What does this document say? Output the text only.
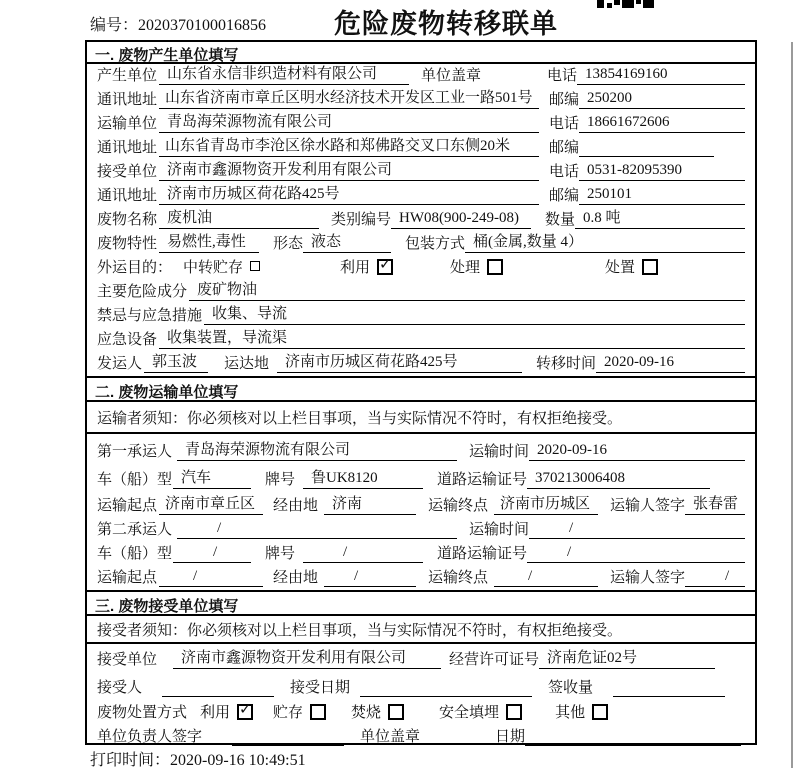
编号：2020370100016856	危险废物转移联单
一. 废物产生单位填写
产生单位 山东省永信非织造材料有限公司	单位盖章	电话 13854169160
通讯地址 山东省济南市章丘区明水经济技术开发区工业一路501号	邮编 250200
运输单位 青岛海荣源物流有限公司	电话 18661672606
通讯地址 山东省青岛市李沧区徐水路和郑佛路交叉口东侧20米	邮编
接受单位 济南市鑫源物资开发利用有限公司	电话 0531-82095390
通讯地址 济南市历城区荷花路425号	邮编 250101
废物名称 废机油	类别编号 HW08(900-249-08)	数量 0.8 吨
废物特性 易燃性,毒性	形态 液态	包装方式 桶(金属,数量 4）
外运目的： 中转贮存	利用 ✓	处理	处置
主要危险成分 废矿物油
禁忌与应急措施 收集、导流
应急设备 收集装置，导流渠
发运人 郭玉波	运达地	济南市历城区荷花路425号	转移时间 2020-09-16
二. 废物运输单位填写
运输者须知：你必须核对以上栏目事项，当与实际情况不符时，有权拒绝接受。
第一承运人 青岛海荣源物流有限公司	运输时间 2020-09-16
车（船）型 汽车	牌号	鲁UK8120	道路运输证号 370213006408
运输起点 济南市章丘区	经由地 济南	运输终点 济南市历城区	运输人签字 张春雷
第二承运人	/	运输时间	/
车（船）型	/	牌号	/	道路运输证号	/
运输起点	/	经由地	/	运输终点	/	运输人签字	/
三. 废物接受单位填写
接受者须知：你必须核对以上栏目事项，当与实际情况不符时，有权拒绝接受。
接受单位	济南市鑫源物资开发利用有限公司	经营许可证号 济南危证02号
接受人	接受日期	签收量
废物处置方式 利用 ✓ 贮存	焚烧	安全填埋	其他
单位负责人签字	单位盖章	日期
打印时间：2020-09-16 10:49:51
